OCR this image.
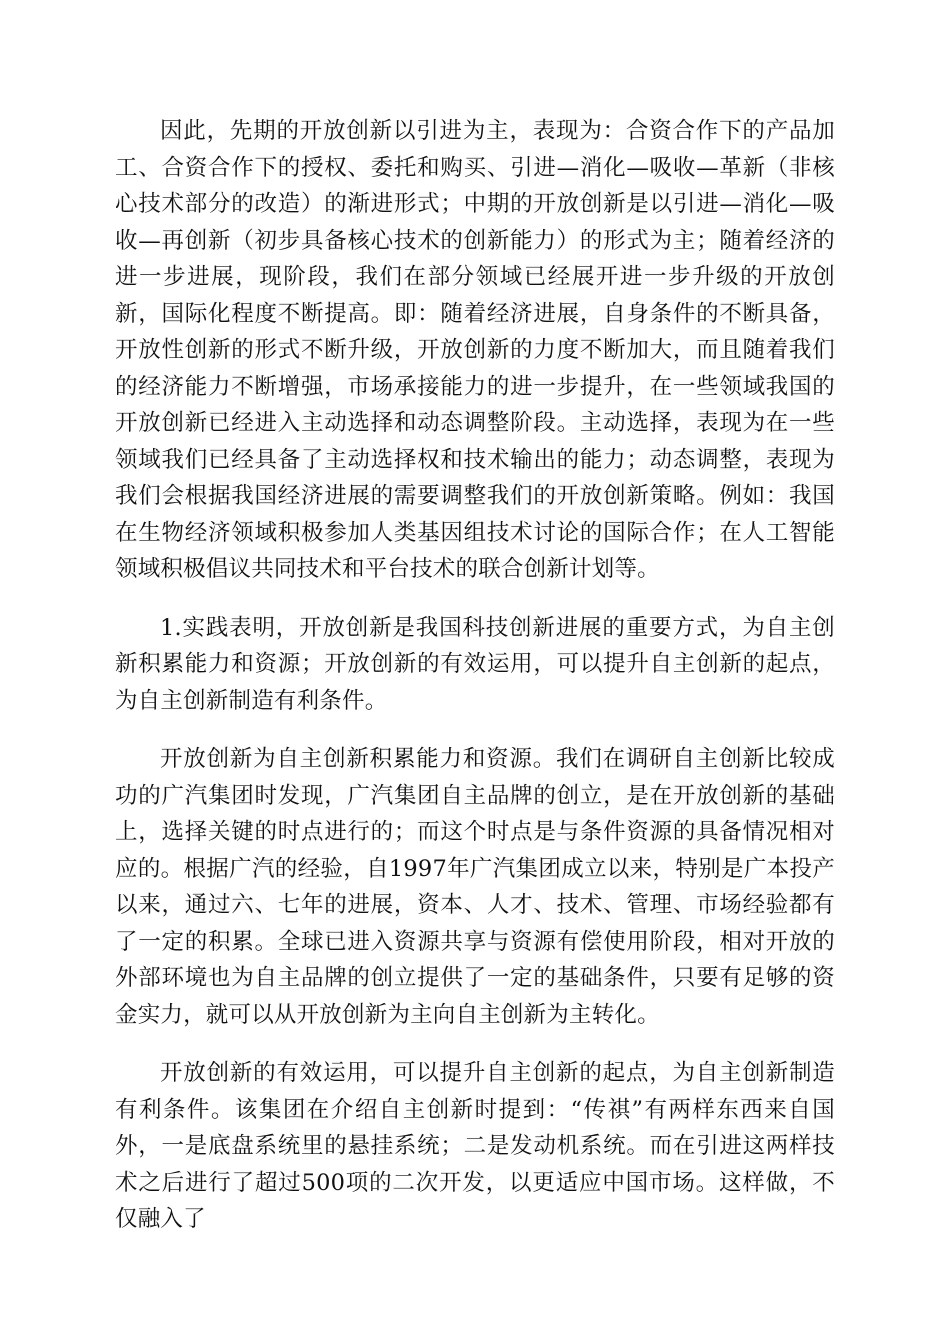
因此，先期的开放创新以引进为主，表现为：合资合作下的产品加工、合资合作下的授权、委托和购买、引进—消化—吸收—革新（非核心技术部分的改造）的渐进形式；中期的开放创新是以引进—消化—吸收—再创新（初步具备核心技术的创新能力）的形式为主；随着经济的进一步进展，现阶段，我们在部分领域已经展开进一步升级的开放创新，国际化程度不断提高。即：随着经济进展，自身条件的不断具备，开放性创新的形式不断升级，开放创新的力度不断加大，而且随着我们的经济能力不断增强，市场承接能力的进一步提升，在一些领域我国的开放创新已经进入主动选择和动态调整阶段。主动选择，表现为在一些领域我们已经具备了主动选择权和技术输出的能力；动态调整，表现为我们会根据我国经济进展的需要调整我们的开放创新策略。例如：我国在生物经济领域积极参加人类基因组技术讨论的国际合作；在人工智能领域积极倡议共同技术和平台技术的联合创新计划等。

1.实践表明，开放创新是我国科技创新进展的重要方式，为自主创新积累能力和资源；开放创新的有效运用，可以提升自主创新的起点，为自主创新制造有利条件。

开放创新为自主创新积累能力和资源。我们在调研自主创新比较成功的广汽集团时发现，广汽集团自主品牌的创立，是在开放创新的基础上，选择关键的时点进行的；而这个时点是与条件资源的具备情况相对应的。根据广汽的经验，自1997年广汽集团成立以来，特别是广本投产以来，通过六、七年的进展，资本、人才、技术、管理、市场经验都有了一定的积累。全球已进入资源共享与资源有偿使用阶段，相对开放的外部环境也为自主品牌的创立提供了一定的基础条件，只要有足够的资金实力，就可以从开放创新为主向自主创新为主转化。

开放创新的有效运用，可以提升自主创新的起点，为自主创新制造有利条件。该集团在介绍自主创新时提到：“传祺”有两样东西来自国外，一是底盘系统里的悬挂系统；二是发动机系统。而在引进这两样技术之后进行了超过500项的二次开发，以更适应中国市场。这样做，不仅融入了
